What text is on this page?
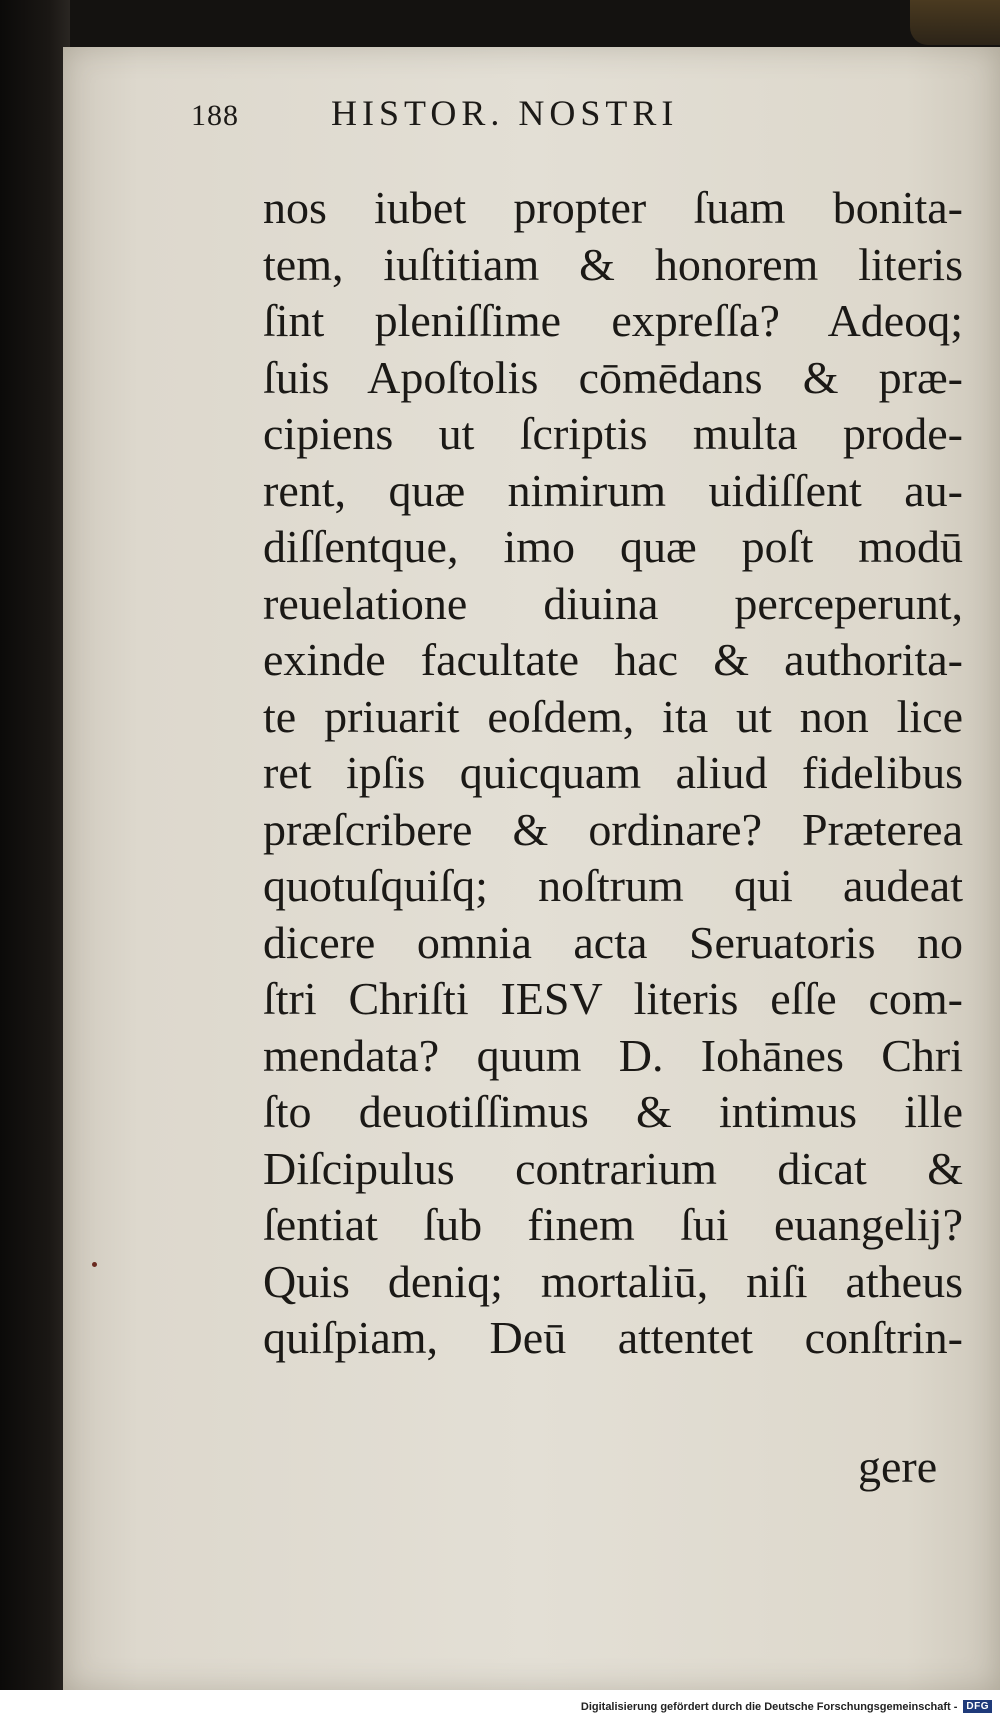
188	HISTOR. NOSTRI
nos iubet propter ſuam bonita-
tem, iuſtitiam & honorem literis
ſint pleniſſime expreſſa? Adeoq;
ſuis Apoſtolis cōmēdans & præ-
cipiens ut ſcriptis multa prode-
rent, quæ nimirum uidiſſent au-
diſſentque, imo quæ poſt modū
reuelatione diuina perceperunt,
exinde facultate hac & authorita-
te priuarit eoſdem, ita ut non lice
ret ipſis quicquam aliud fidelibus
præſcribere & ordinare? Præterea
quotuſquiſq; noſtrum qui audeat
dicere omnia acta Seruatoris no
ſtri Chriſti IESV literis eſſe com-
mendata? quum D. Iohānes Chri
ſto deuotiſſimus & intimus ille
Diſcipulus contrarium dicat &
ſentiat ſub finem ſui euangelij?
Quis deniq; mortaliū, niſi atheus
quiſpiam, Deū attentet conſtrin-
gere
Digitalisierung gefördert durch die Deutsche Forschungsgemeinschaft - DFG
